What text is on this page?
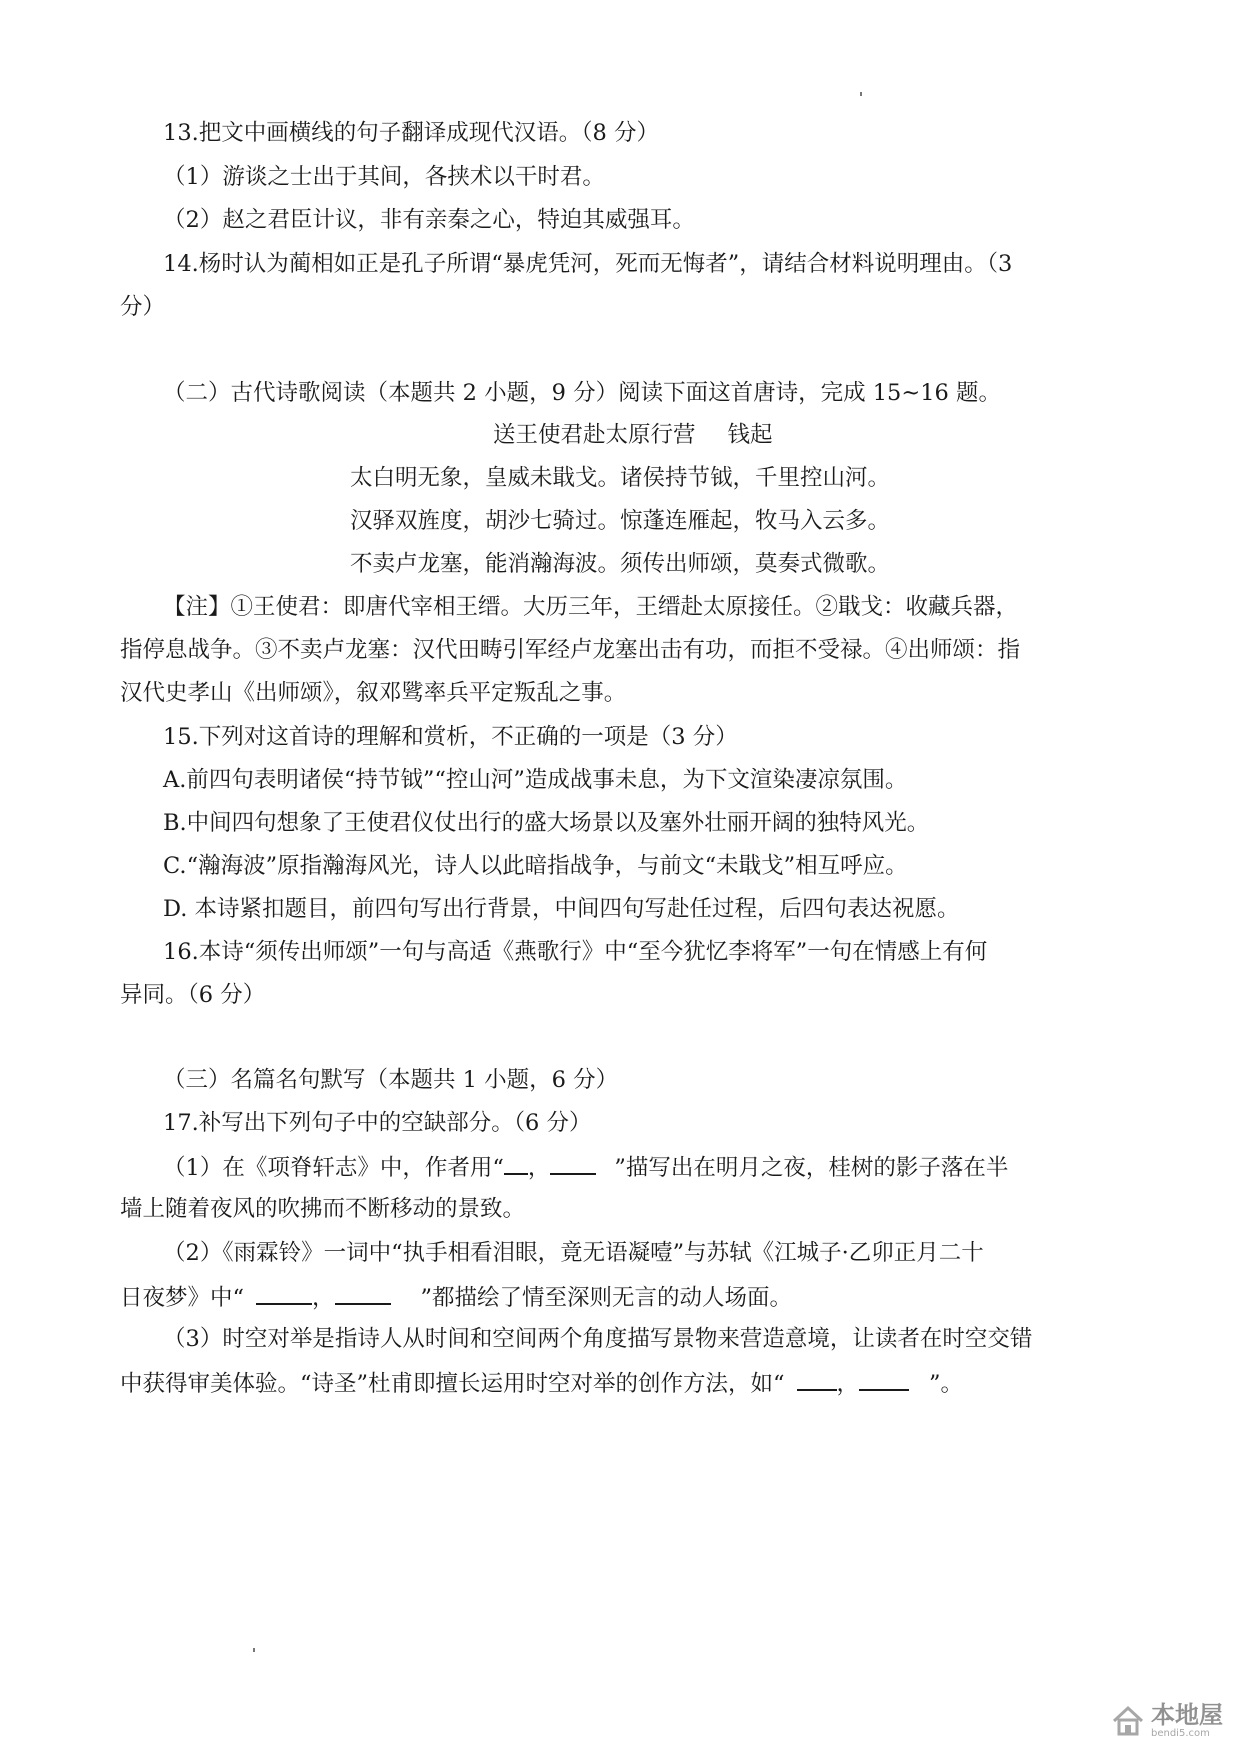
13.把文中画横线的句子翻译成现代汉语。（8 分）
（1）游谈之士出于其间，各挟术以干时君。
（2）赵之君臣计议，非有亲秦之心，特迫其威强耳。
14.杨时认为蔺相如正是孔子所谓“暴虎凭河，死而无悔者”，请结合材料说明理由。（3
分）
（二）古代诗歌阅读（本题共 2 小题，9 分）阅读下面这首唐诗，完成 15~16 题。
送王使君赴太原行营 钱起
太白明无象，皇威未戢戈。诸侯持节钺，千里控山河。
汉驿双旌度，胡沙七骑过。惊蓬连雁起，牧马入云多。
不卖卢龙塞，能消瀚海波。须传出师颂，莫奏式微歌。
【注】①王使君：即唐代宰相王缙。大历三年，王缙赴太原接任。②戢戈：收藏兵器，
指停息战争。③不卖卢龙塞：汉代田畴引军经卢龙塞出击有功，而拒不受禄。④出师颂：指
汉代史孝山《出师颂》，叙邓骘率兵平定叛乱之事。
15.下列对这首诗的理解和赏析，不正确的一项是（3 分）
A.前四句表明诸侯“持节钺”“控山河”造成战事未息，为下文渲染凄凉氛围。
B.中间四句想象了王使君仪仗出行的盛大场景以及塞外壮丽开阔的独特风光。
C.“瀚海波”原指瀚海风光，诗人以此暗指战争，与前文“未戢戈”相互呼应。
D. 本诗紧扣题目，前四句写出行背景，中间四句写赴任过程，后四句表达祝愿。
16.本诗“须传出师颂”一句与高适《燕歌行》中“至今犹忆李将军”一句在情感上有何
异同。（6 分）
（三）名篇名句默写（本题共 1 小题，6 分）
17.补写出下列句子中的空缺部分。（6 分）
（1）在《项脊轩志》中，作者用“ ，	”描写出在明月之夜，桂树的影子落在半
墙上随着夜风的吹拂而不断移动的景致。
（2）《雨霖铃》一词中“执手相看泪眼，竟无语凝噎”与苏轼《江城子·乙卯正月二十
日夜梦》中“	，	”都描绘了情至深则无言的动人场面。
（3）时空对举是指诗人从时间和空间两个角度描写景物来营造意境，让读者在时空交错
中获得审美体验。“诗圣”杜甫即擅长运用时空对举的创作方法，如“ ，	”。
本地屋
bendi5.com
